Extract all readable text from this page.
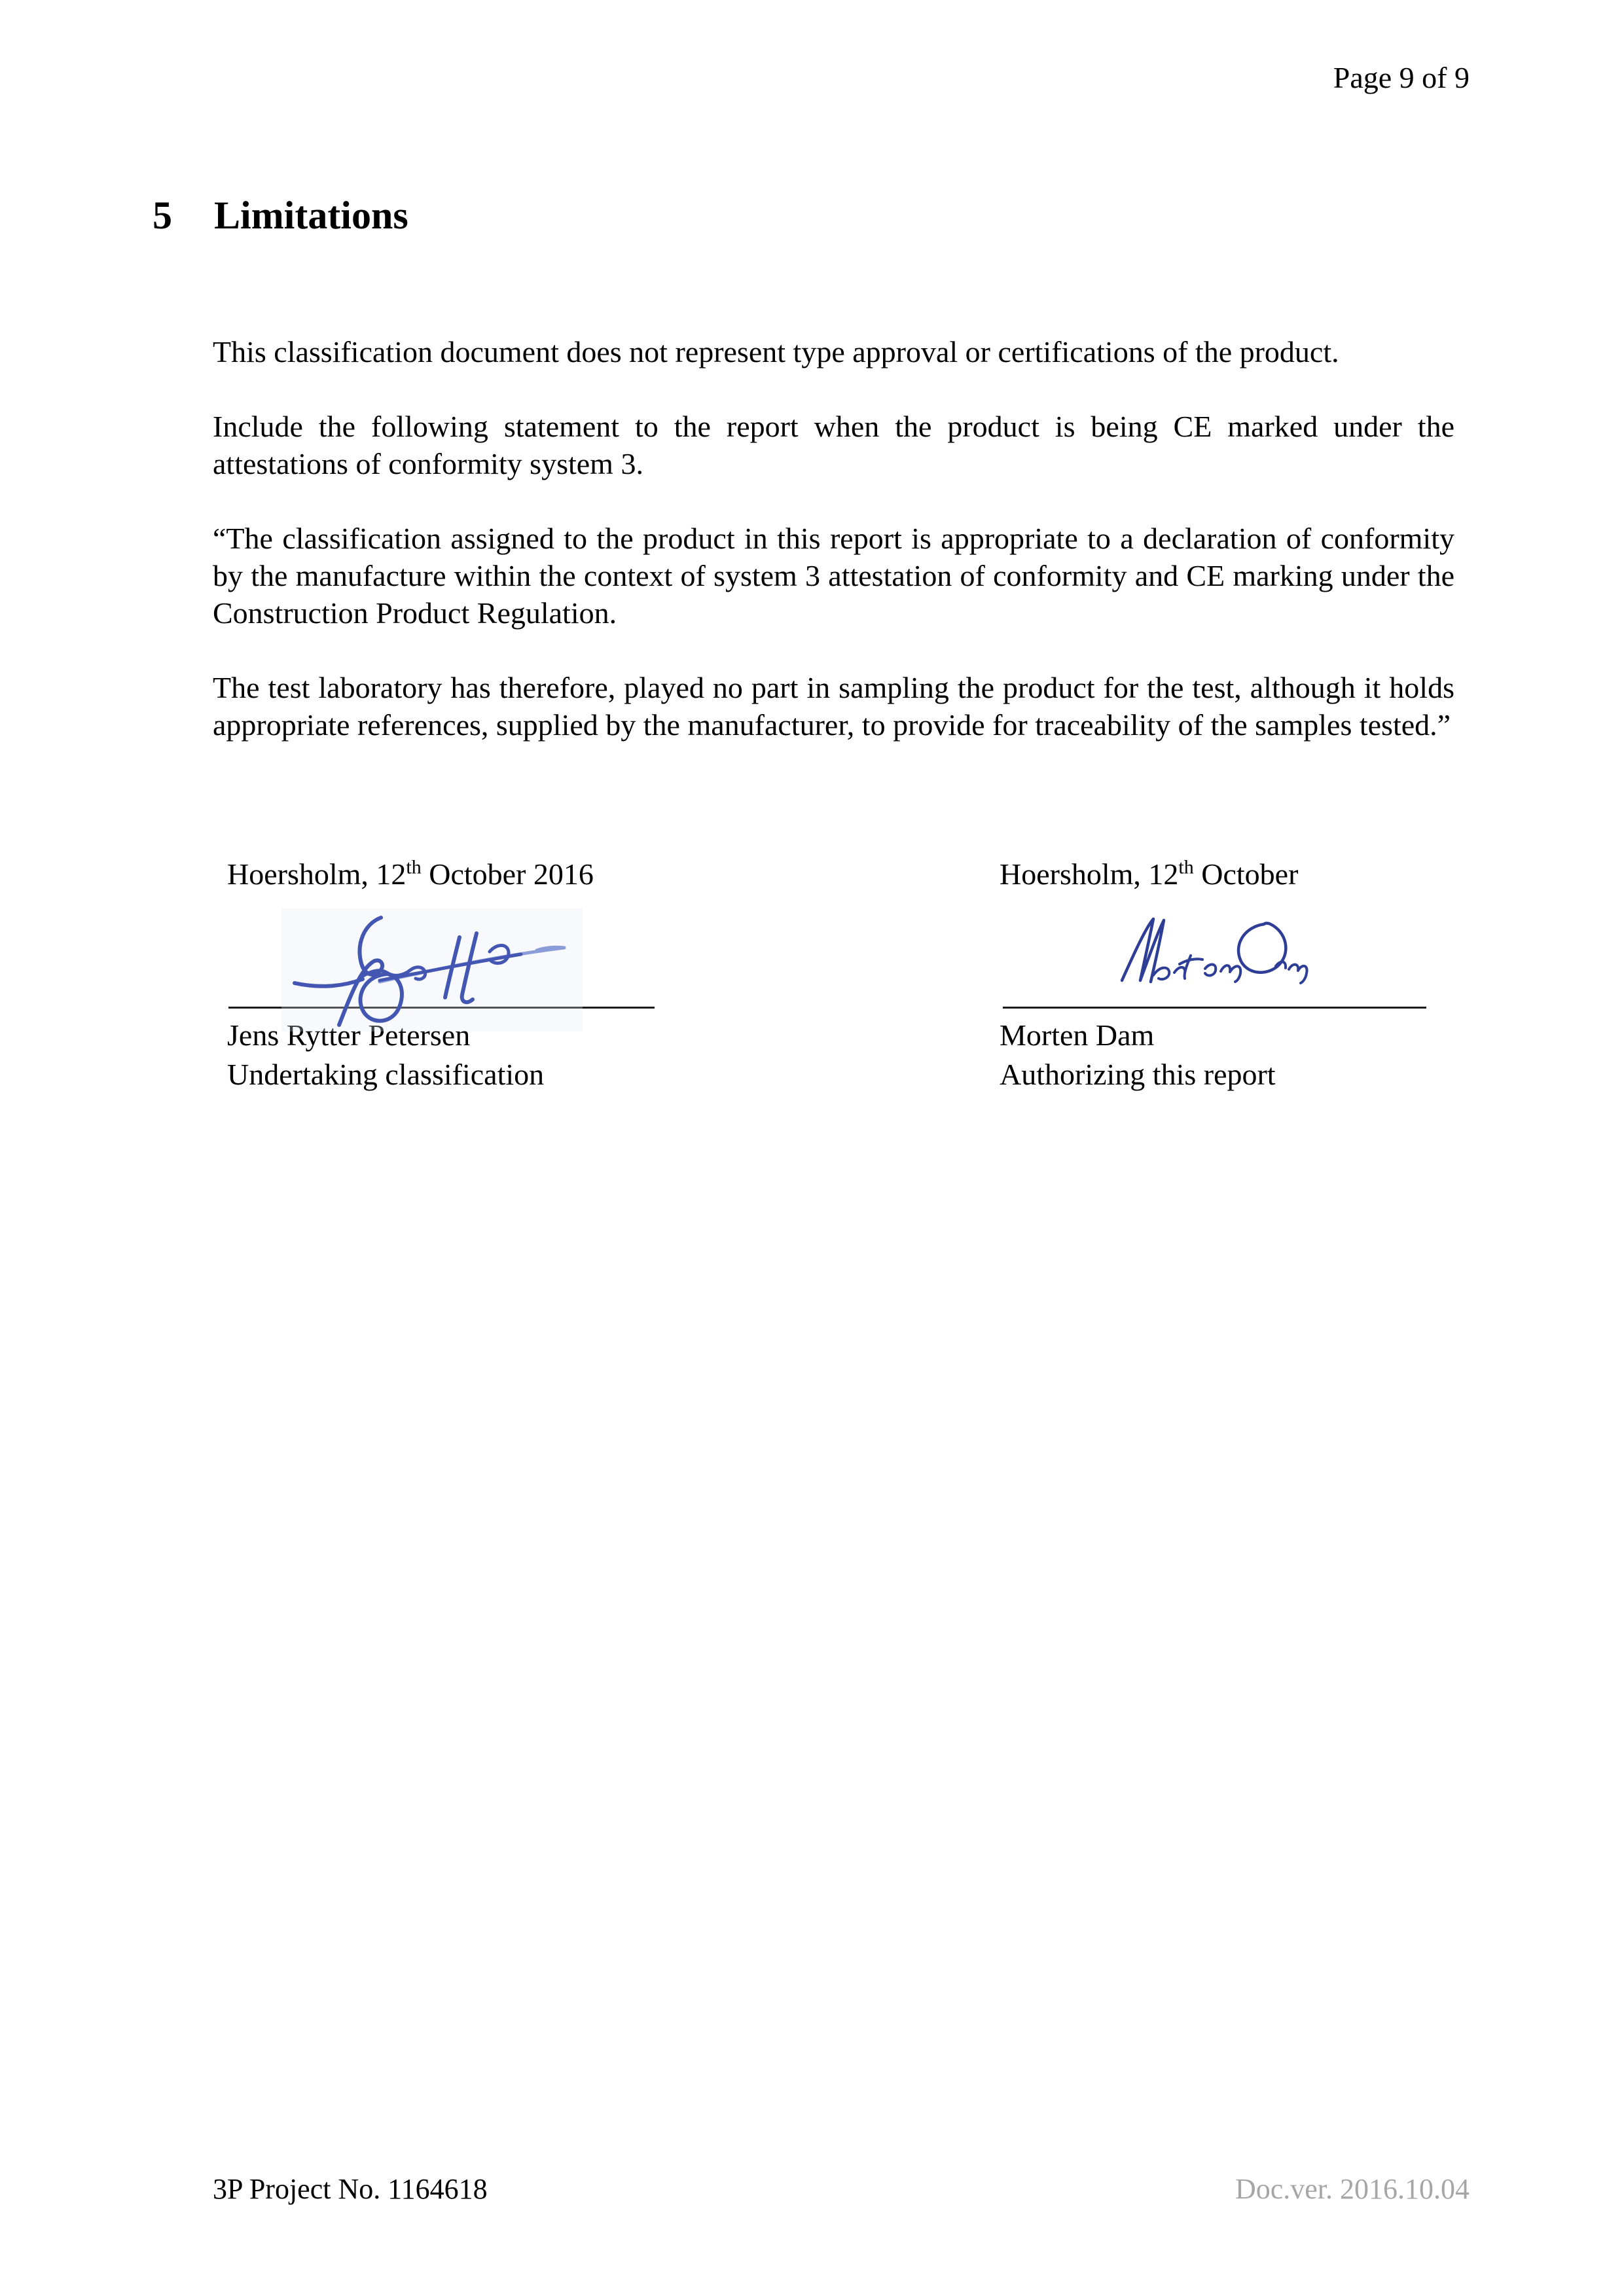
Page 9 of 9
5 Limitations

This classification document does not represent type approval or certifications of the product.

Include the following statement to the report when the product is being CE marked under the attestations of conformity system 3.

“The classification assigned to the product in this report is appropriate to a declaration of conformity by the manufacture within the context of system 3 attestation of conformity and CE marking under the Construction Product Regulation.

The test laboratory has therefore, played no part in sampling the product for the test, although it holds appropriate references, supplied by the manufacturer, to provide for traceability of the samples tested.”

Hoersholm, 12th October 2016	Hoersholm, 12th October
Jens Rytter Petersen
Undertaking classification
Morten Dam
Authorizing this report
3P Project No. 1164618	Doc.ver. 2016.10.04
